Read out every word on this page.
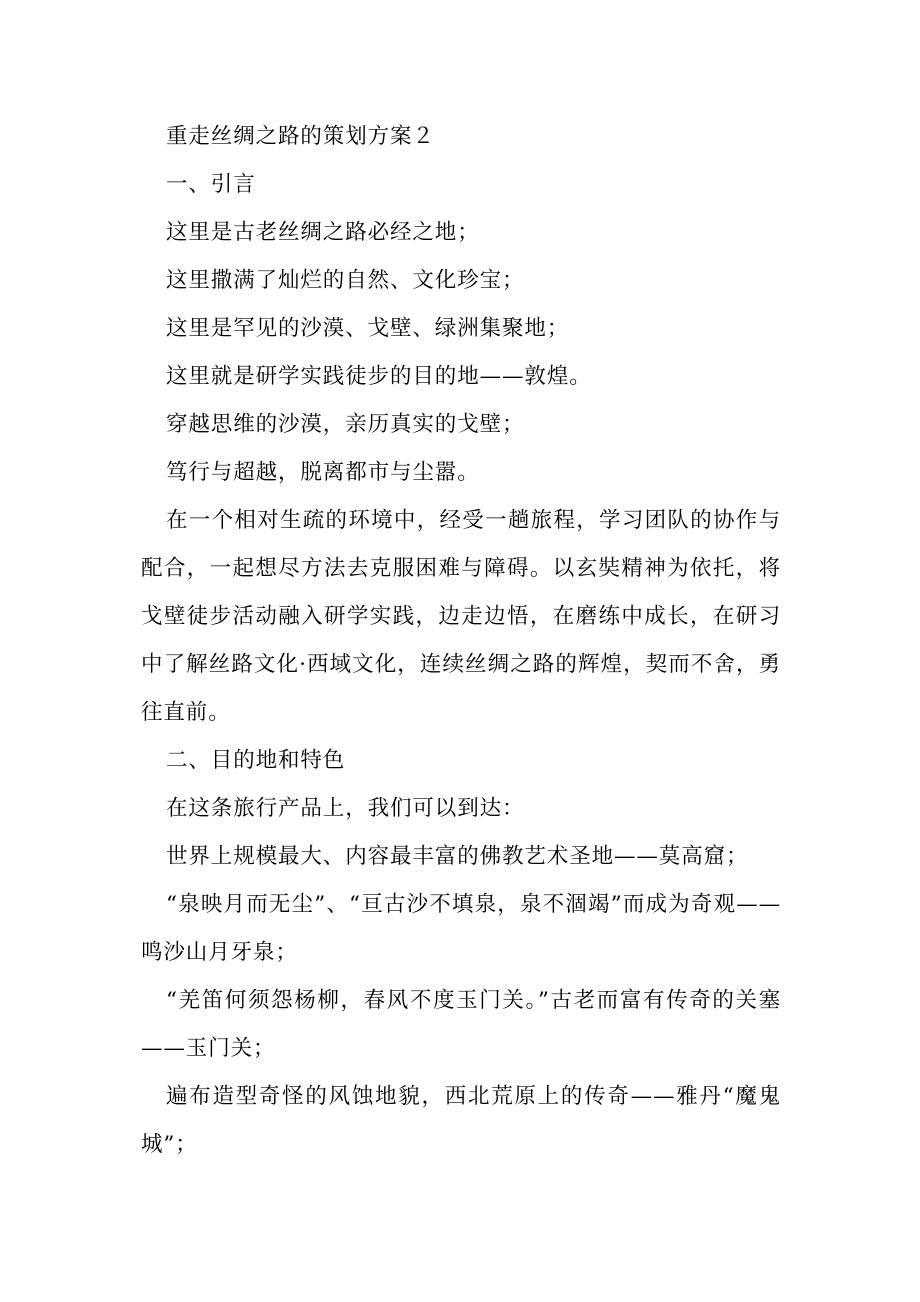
重走丝绸之路的策划方案２

一、引言

这里是古老丝绸之路必经之地；

这里撒满了灿烂的自然、文化珍宝；

这里是罕见的沙漠、戈壁、绿洲集聚地；

这里就是研学实践徒步的目的地——敦煌。

穿越思维的沙漠，亲历真实的戈壁；

笃行与超越，脱离都市与尘嚣。

在一个相对生疏的环境中，经受一趟旅程，学习团队的协作与配合，一起想尽方法去克服困难与障碍。以玄奘精神为依托，将戈壁徒步活动融入研学实践，边走边悟，在磨练中成长，在研习中了解丝路文化·西域文化，连续丝绸之路的辉煌，契而不舍，勇往直前。

二、目的地和特色

在这条旅行产品上，我们可以到达：

世界上规模最大、内容最丰富的佛教艺术圣地——莫高窟；

“泉映月而无尘”、“亘古沙不填泉，泉不涸竭”而成为奇观——鸣沙山月牙泉；

“羌笛何须怨杨柳，春风不度玉门关。”古老而富有传奇的关塞——玉门关；

遍布造型奇怪的风蚀地貌，西北荒原上的传奇——雅丹“魔鬼城”；
